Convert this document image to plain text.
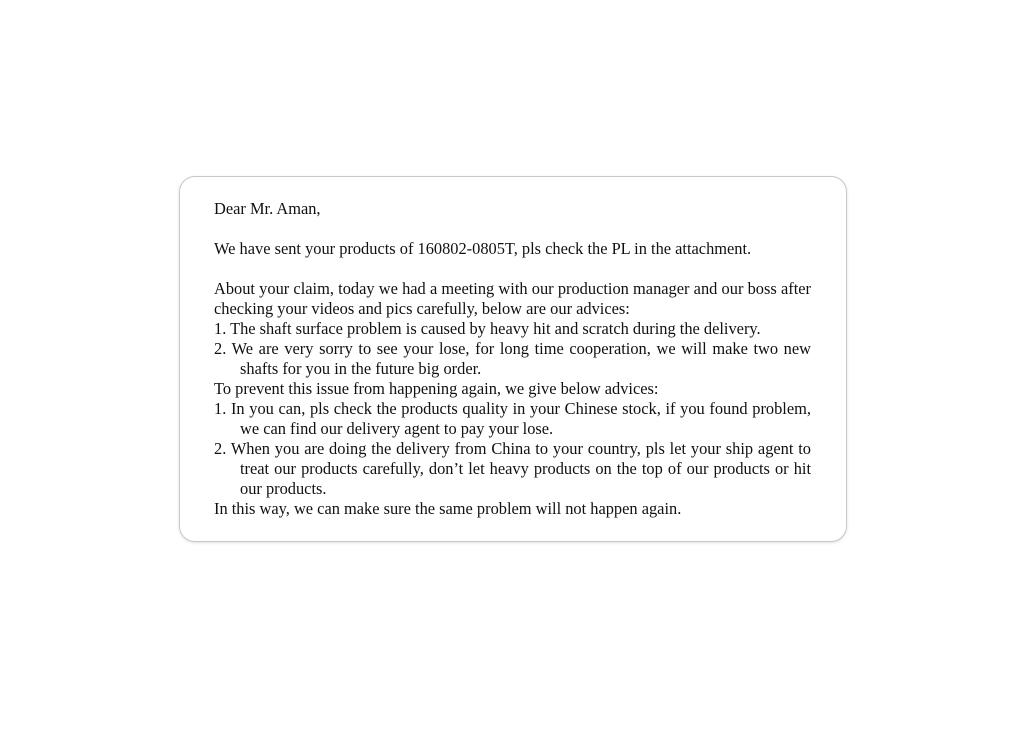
Dear Mr. Aman,

We have sent your products of 160802-0805T, pls check the PL in the attachment.

About your claim, today we had a meeting with our production manager and our boss after checking your videos and pics carefully, below are our advices:

1. The shaft surface problem is caused by heavy hit and scratch during the delivery.

2. We are very sorry to see your lose, for long time cooperation, we will make two new shafts for you in the future big order.

To prevent this issue from happening again, we give below advices:

1. In you can, pls check the products quality in your Chinese stock, if you found problem, we can find our delivery agent to pay your lose.

2. When you are doing the delivery from China to your country, pls let your ship agent to treat our products carefully, don’t let heavy products on the top of our products or hit our products.

In this way, we can make sure the same problem will not happen again.
